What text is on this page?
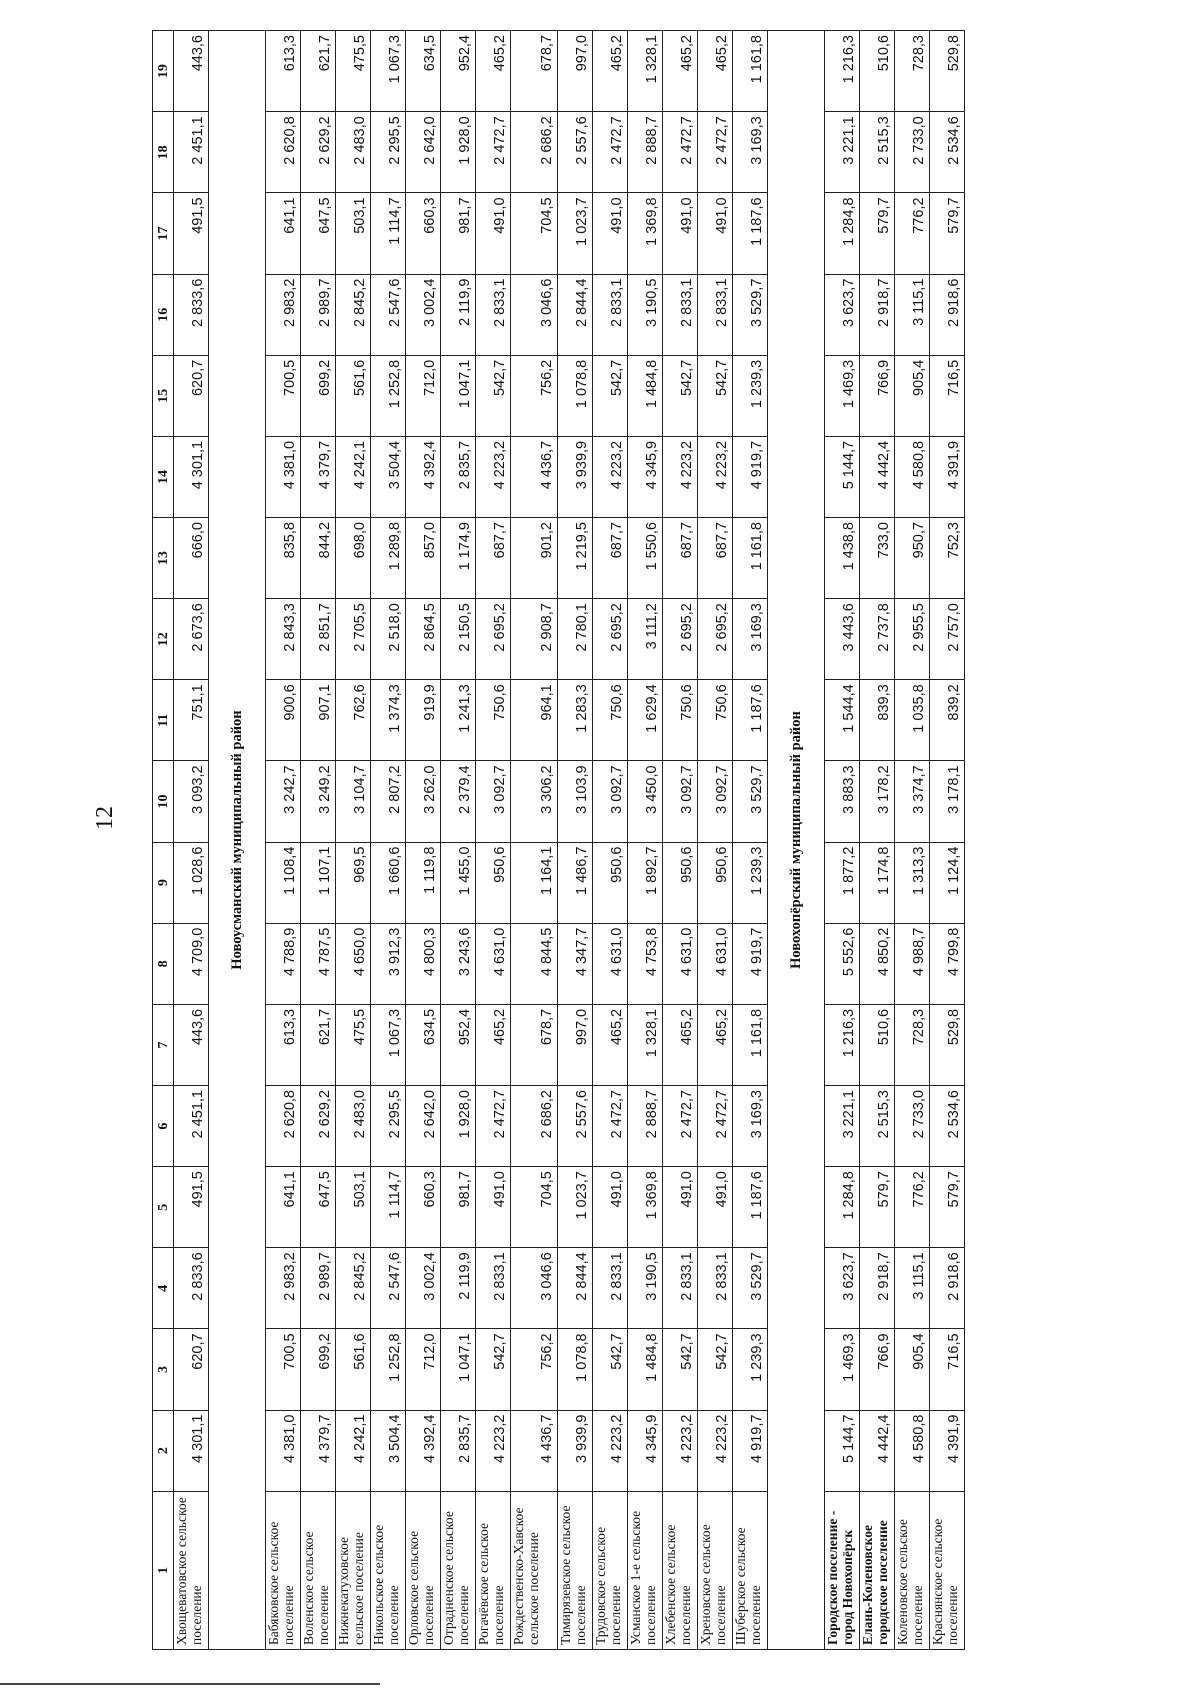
12
1	2	3	4	5	6	7	8	9	10	11	12	13	14	15	16	17	18	19
Хвощеватовское сельское поселение	4 301,1	620,7	2 833,6	491,5	2 451,1	443,6	4 709,0	1 028,6	3 093,2	751,1	2 673,6	666,0	4 301,1	620,7	2 833,6	491,5	2 451,1	443,6
Новоусманский муниципальный район																		
Бабяковское сельское поселение	4 381,0	700,5	2 983,2	641,1	2 620,8	613,3	4 788,9	1 108,4	3 242,7	900,6	2 843,3	835,8	4 381,0	700,5	2 983,2	641,1	2 620,8	613,3
Воленское сельское поселение	4 379,7	699,2	2 989,7	647,5	2 629,2	621,7	4 787,5	1 107,1	3 249,2	907,1	2 851,7	844,2	4 379,7	699,2	2 989,7	647,5	2 629,2	621,7
Нижнекатуховское сельское поселение	4 242,1	561,6	2 845,2	503,1	2 483,0	475,5	4 650,0	969,5	3 104,7	762,6	2 705,5	698,0	4 242,1	561,6	2 845,2	503,1	2 483,0	475,5
Никольское сельское поселение	3 504,4	1 252,8	2 547,6	1 114,7	2 295,5	1 067,3	3 912,3	1 660,6	2 807,2	1 374,3	2 518,0	1 289,8	3 504,4	1 252,8	2 547,6	1 114,7	2 295,5	1 067,3
Орловское сельское поселение	4 392,4	712,0	3 002,4	660,3	2 642,0	634,5	4 800,3	1 119,8	3 262,0	919,9	2 864,5	857,0	4 392,4	712,0	3 002,4	660,3	2 642,0	634,5
Отрадненское сельское поселение	2 835,7	1 047,1	2 119,9	981,7	1 928,0	952,4	3 243,6	1 455,0	2 379,4	1 241,3	2 150,5	1 174,9	2 835,7	1 047,1	2 119,9	981,7	1 928,0	952,4
Рогачёвское сельское поселение	4 223,2	542,7	2 833,1	491,0	2 472,7	465,2	4 631,0	950,6	3 092,7	750,6	2 695,2	687,7	4 223,2	542,7	2 833,1	491,0	2 472,7	465,2
Рождественско-Хавское сельское поселение	4 436,7	756,2	3 046,6	704,5	2 686,2	678,7	4 844,5	1 164,1	3 306,2	964,1	2 908,7	901,2	4 436,7	756,2	3 046,6	704,5	2 686,2	678,7
Тимирязевское сельское поселение	3 939,9	1 078,8	2 844,4	1 023,7	2 557,6	997,0	4 347,7	1 486,7	3 103,9	1 283,3	2 780,1	1 219,5	3 939,9	1 078,8	2 844,4	1 023,7	2 557,6	997,0
Трудовское сельское поселение	4 223,2	542,7	2 833,1	491,0	2 472,7	465,2	4 631,0	950,6	3 092,7	750,6	2 695,2	687,7	4 223,2	542,7	2 833,1	491,0	2 472,7	465,2
Усманское 1-е сельское поселение	4 345,9	1 484,8	3 190,5	1 369,8	2 888,7	1 328,1	4 753,8	1 892,7	3 450,0	1 629,4	3 111,2	1 550,6	4 345,9	1 484,8	3 190,5	1 369,8	2 888,7	1 328,1
Хлебенское сельское поселение	4 223,2	542,7	2 833,1	491,0	2 472,7	465,2	4 631,0	950,6	3 092,7	750,6	2 695,2	687,7	4 223,2	542,7	2 833,1	491,0	2 472,7	465,2
Хреновское сельское поселение	4 223,2	542,7	2 833,1	491,0	2 472,7	465,2	4 631,0	950,6	3 092,7	750,6	2 695,2	687,7	4 223,2	542,7	2 833,1	491,0	2 472,7	465,2
Шуберское сельское поселение	4 919,7	1 239,3	3 529,7	1 187,6	3 169,3	1 161,8	4 919,7	1 239,3	3 529,7	1 187,6	3 169,3	1 161,8	4 919,7	1 239,3	3 529,7	1 187,6	3 169,3	1 161,8
Новохопёрский муниципальный район																		
Городское поселение - город Новохопёрск	5 144,7	1 469,3	3 623,7	1 284,8	3 221,1	1 216,3	5 552,6	1 877,2	3 883,3	1 544,4	3 443,6	1 438,8	5 144,7	1 469,3	3 623,7	1 284,8	3 221,1	1 216,3
Елань-Коленовское городское поселение	4 442,4	766,9	2 918,7	579,7	2 515,3	510,6	4 850,2	1 174,8	3 178,2	839,3	2 737,8	733,0	4 442,4	766,9	2 918,7	579,7	2 515,3	510,6
Коленовское сельское поселение	4 580,8	905,4	3 115,1	776,2	2 733,0	728,3	4 988,7	1 313,3	3 374,7	1 035,8	2 955,5	950,7	4 580,8	905,4	3 115,1	776,2	2 733,0	728,3
Краснянское сельское поселение	4 391,9	716,5	2 918,6	579,7	2 534,6	529,8	4 799,8	1 124,4	3 178,1	839,2	2 757,0	752,3	4 391,9	716,5	2 918,6	579,7	2 534,6	529,8
